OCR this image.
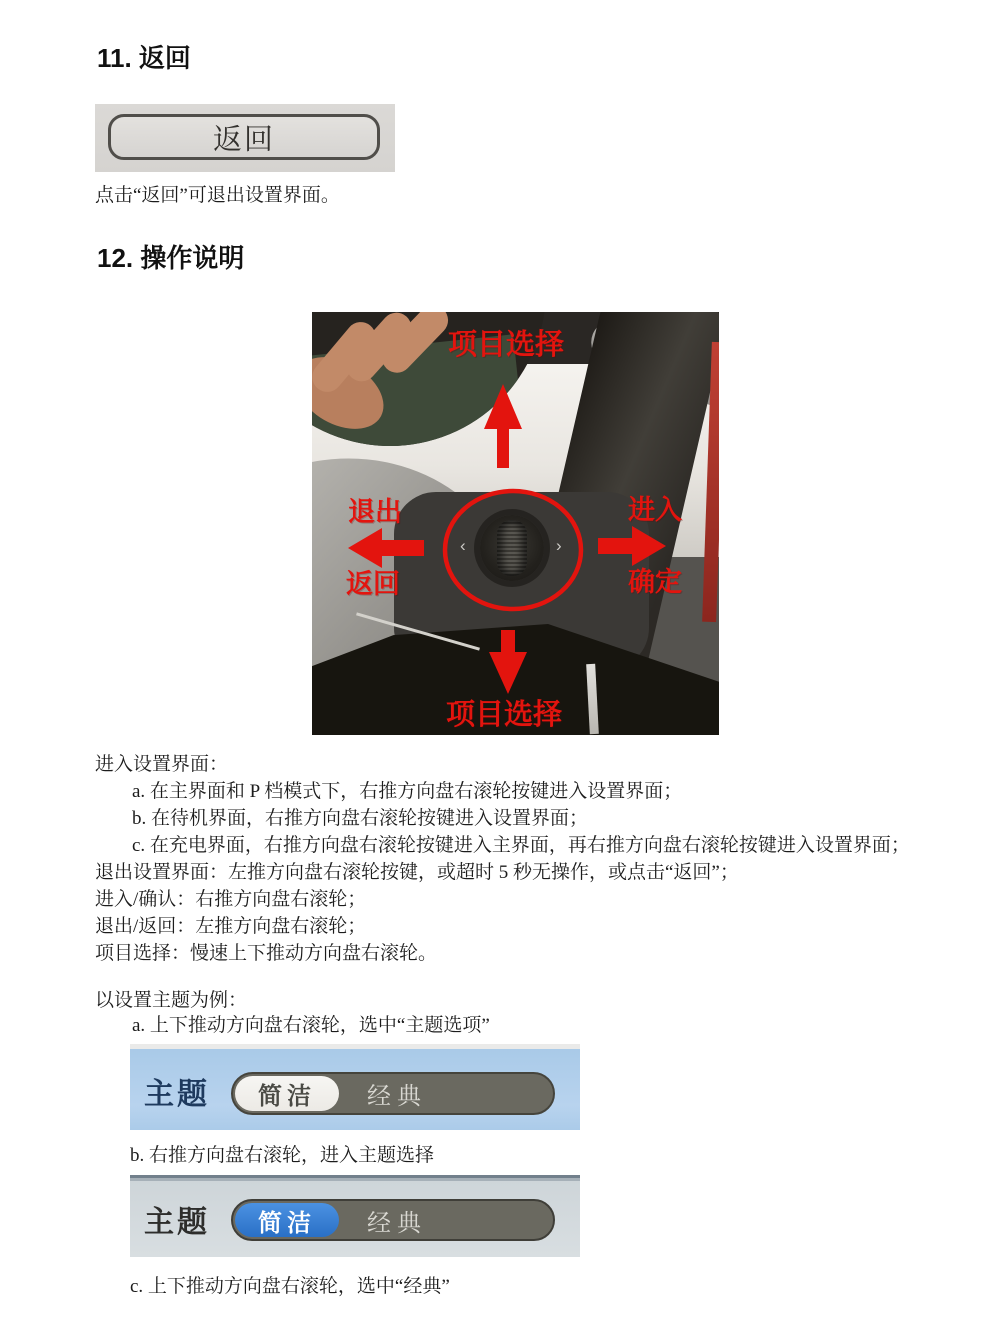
11. 返回
返回
点击“返回”可退出设置界面。
12. 操作说明
‹	›
项目选择
退出
返回
进入
确定
项目选择
进入设置界面：
a. 在主界面和 P 档模式下，右推方向盘右滚轮按键进入设置界面；
b. 在待机界面，右推方向盘右滚轮按键进入设置界面；
c. 在充电界面，右推方向盘右滚轮按键进入主界面，再右推方向盘右滚轮按键进入设置界面；
退出设置界面：左推方向盘右滚轮按键，或超时 5 秒无操作，或点击“返回”；
进入/确认：右推方向盘右滚轮；
退出/返回：左推方向盘右滚轮；
项目选择：慢速上下推动方向盘右滚轮。
以设置主题为例：
a. 上下推动方向盘右滚轮，选中“主题选项”
主题	简洁	经典
b. 右推方向盘右滚轮，进入主题选择
主题	简洁	经典
c. 上下推动方向盘右滚轮，选中“经典”
